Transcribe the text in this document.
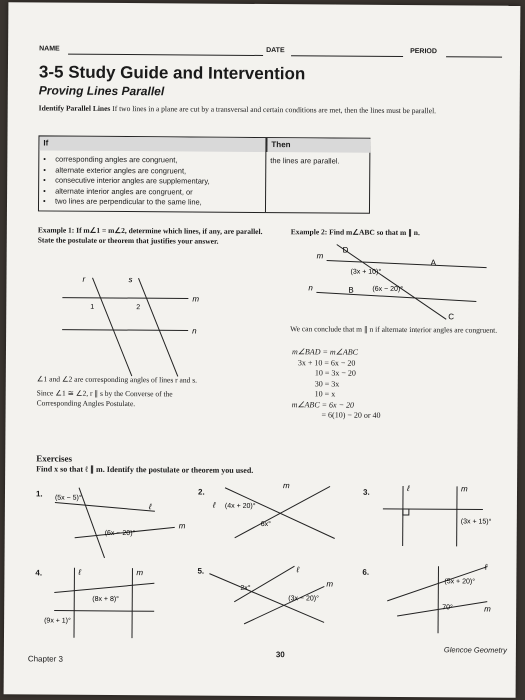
NAME	DATE	PERIOD
3-5 Study Guide and Intervention
Proving Lines Parallel
Identify Parallel Lines If two lines in a plane are cut by a transversal and certain conditions are met, then the lines must be parallel.
If	Then
• corresponding angles are congruent,
• alternate exterior angles are congruent,
• consecutive interior angles are supplementary,
• alternate interior angles are congruent, or
• two lines are perpendicular to the same line,
the lines are parallel.
Example 1: If m∠1 = m∠2, determine which lines, if any, are parallel. State the postulate or theorem that justifies your answer.
r	s
m
n
1	2
∠1 and ∠2 are corresponding angles of lines r and s.
Since ∠1 ≅ ∠2, r ∥ s by the Converse of the Corresponding Angles Postulate.
Example 2: Find m∠ABC so that m ∥ n.
m
n
D
A
B
C
(3x + 10)°
(6x − 20)°
We can conclude that m ∥ n if alternate interior angles are congruent.
m∠BAD = m∠ABC
3x + 10 = 6x − 20
10 = 3x − 20
30 = 3x
10 = x
m∠ABC = 6x − 20
= 6(10) − 20 or 40
Exercises
Find x so that ℓ ∥ m. Identify the postulate or theorem you used.
1. (5x − 5)°
(6x − 20)°
ℓ
m
2.
(4x + 20)°
6x°
ℓ
m
3.
(3x + 15)°
ℓ	m
4.
(8x + 8)°
(9x + 1)°
ℓ	m	5.
2x°
(3x − 20)°
ℓ
m
6.
(5x + 20)°
70°
ℓ
m
Chapter 3	30	Glencoe Geometry
